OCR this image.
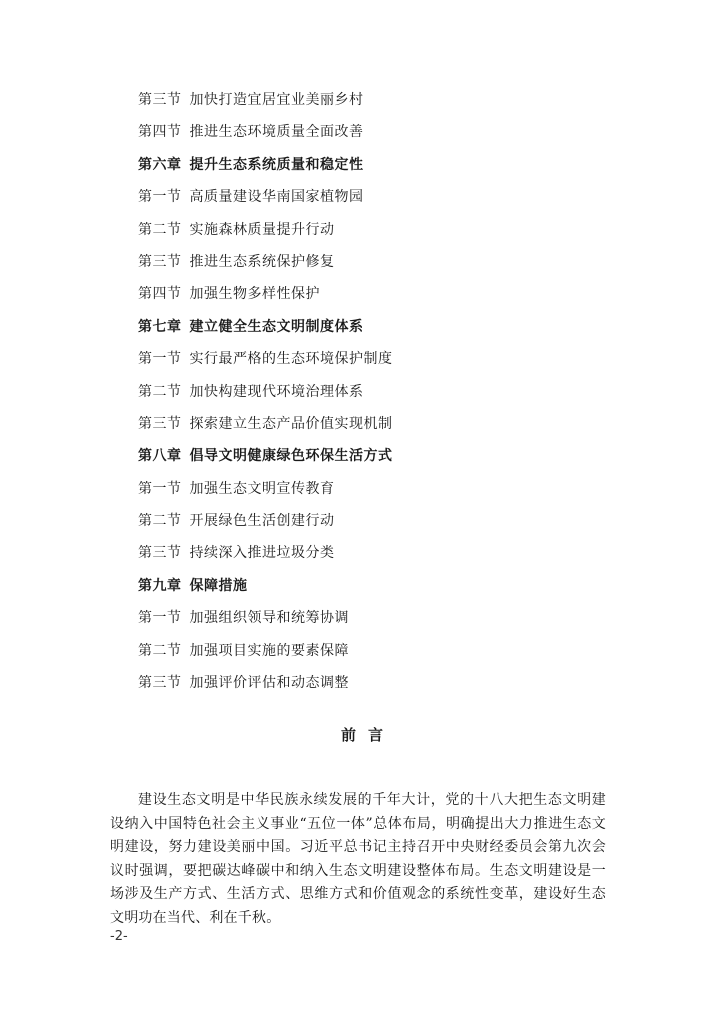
第三节 加快打造宜居宜业美丽乡村
第四节 推进生态环境质量全面改善
第六章 提升生态系统质量和稳定性
第一节 高质量建设华南国家植物园
第二节 实施森林质量提升行动
第三节 推进生态系统保护修复
第四节 加强生物多样性保护
第七章 建立健全生态文明制度体系
第一节 实行最严格的生态环境保护制度
第二节 加快构建现代环境治理体系
第三节 探索建立生态产品价值实现机制
第八章 倡导文明健康绿色环保生活方式
第一节 加强生态文明宣传教育
第二节 开展绿色生活创建行动
第三节 持续深入推进垃圾分类
第九章 保障措施
第一节 加强组织领导和统筹协调
第二节 加强项目实施的要素保障
第三节 加强评价评估和动态调整
前言
建设生态文明是中华民族永续发展的千年大计，党的十八大把生态文明建设纳入中国特色社会主义事业“五位一体”总体布局，明确提出大力推进生态文明建设，努力建设美丽中国。习近平总书记主持召开中央财经委员会第九次会议时强调，要把碳达峰碳中和纳入生态文明建设整体布局。生态文明建设是一场涉及生产方式、生活方式、思维方式和价值观念的系统性变革，建设好生态文明功在当代、利在千秋。
-2-
